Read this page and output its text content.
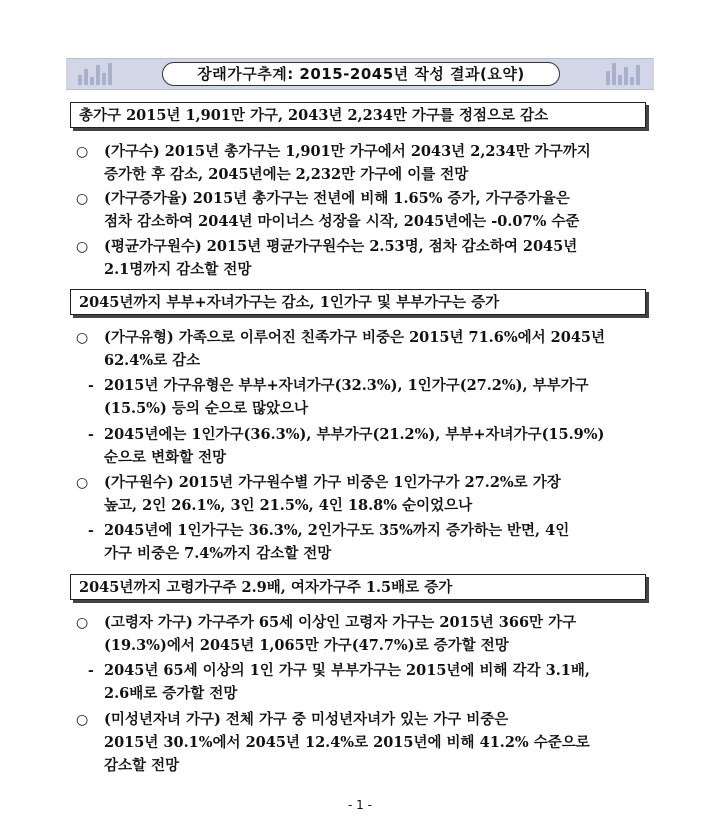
장래가구추계: 2015-2045년 작성 결과(요약)
총가구 2015년 1,901만 가구, 2043년 2,234만 가구를 정점으로 감소
○ (가구수) 2015년 총가구는 1,901만 가구에서 2043년 2,234만 가구까지
증가한 후 감소, 2045년에는 2,232만 가구에 이를 전망
○ (가구증가율) 2015년 총가구는 전년에 비해 1.65% 증가, 가구증가율은
점차 감소하여 2044년 마이너스 성장을 시작, 2045년에는 -0.07% 수준
○ (평균가구원수) 2015년 평균가구원수는 2.53명, 점차 감소하여 2045년
2.1명까지 감소할 전망
2045년까지 부부+자녀가구는 감소, 1인가구 및 부부가구는 증가
○ (가구유형) 가족으로 이루어진 친족가구 비중은 2015년 71.6%에서 2045년
62.4%로 감소
- 2015년 가구유형은 부부+자녀가구(32.3%), 1인가구(27.2%), 부부가구
(15.5%) 등의 순으로 많았으나
- 2045년에는 1인가구(36.3%), 부부가구(21.2%), 부부+자녀가구(15.9%)
순으로 변화할 전망
○ (가구원수) 2015년 가구원수별 가구 비중은 1인가구가 27.2%로 가장
높고, 2인 26.1%, 3인 21.5%, 4인 18.8% 순이었으나
- 2045년에 1인가구는 36.3%, 2인가구도 35%까지 증가하는 반면, 4인
가구 비중은 7.4%까지 감소할 전망
2045년까지 고령가구주 2.9배, 여자가구주 1.5배로 증가
○ (고령자 가구) 가구주가 65세 이상인 고령자 가구는 2015년 366만 가구
(19.3%)에서 2045년 1,065만 가구(47.7%)로 증가할 전망
- 2045년 65세 이상의 1인 가구 및 부부가구는 2015년에 비해 각각 3.1배,
2.6배로 증가할 전망
○ (미성년자녀 가구) 전체 가구 중 미성년자녀가 있는 가구 비중은
2015년 30.1%에서 2045년 12.4%로 2015년에 비해 41.2% 수준으로
감소할 전망
- 1 -
